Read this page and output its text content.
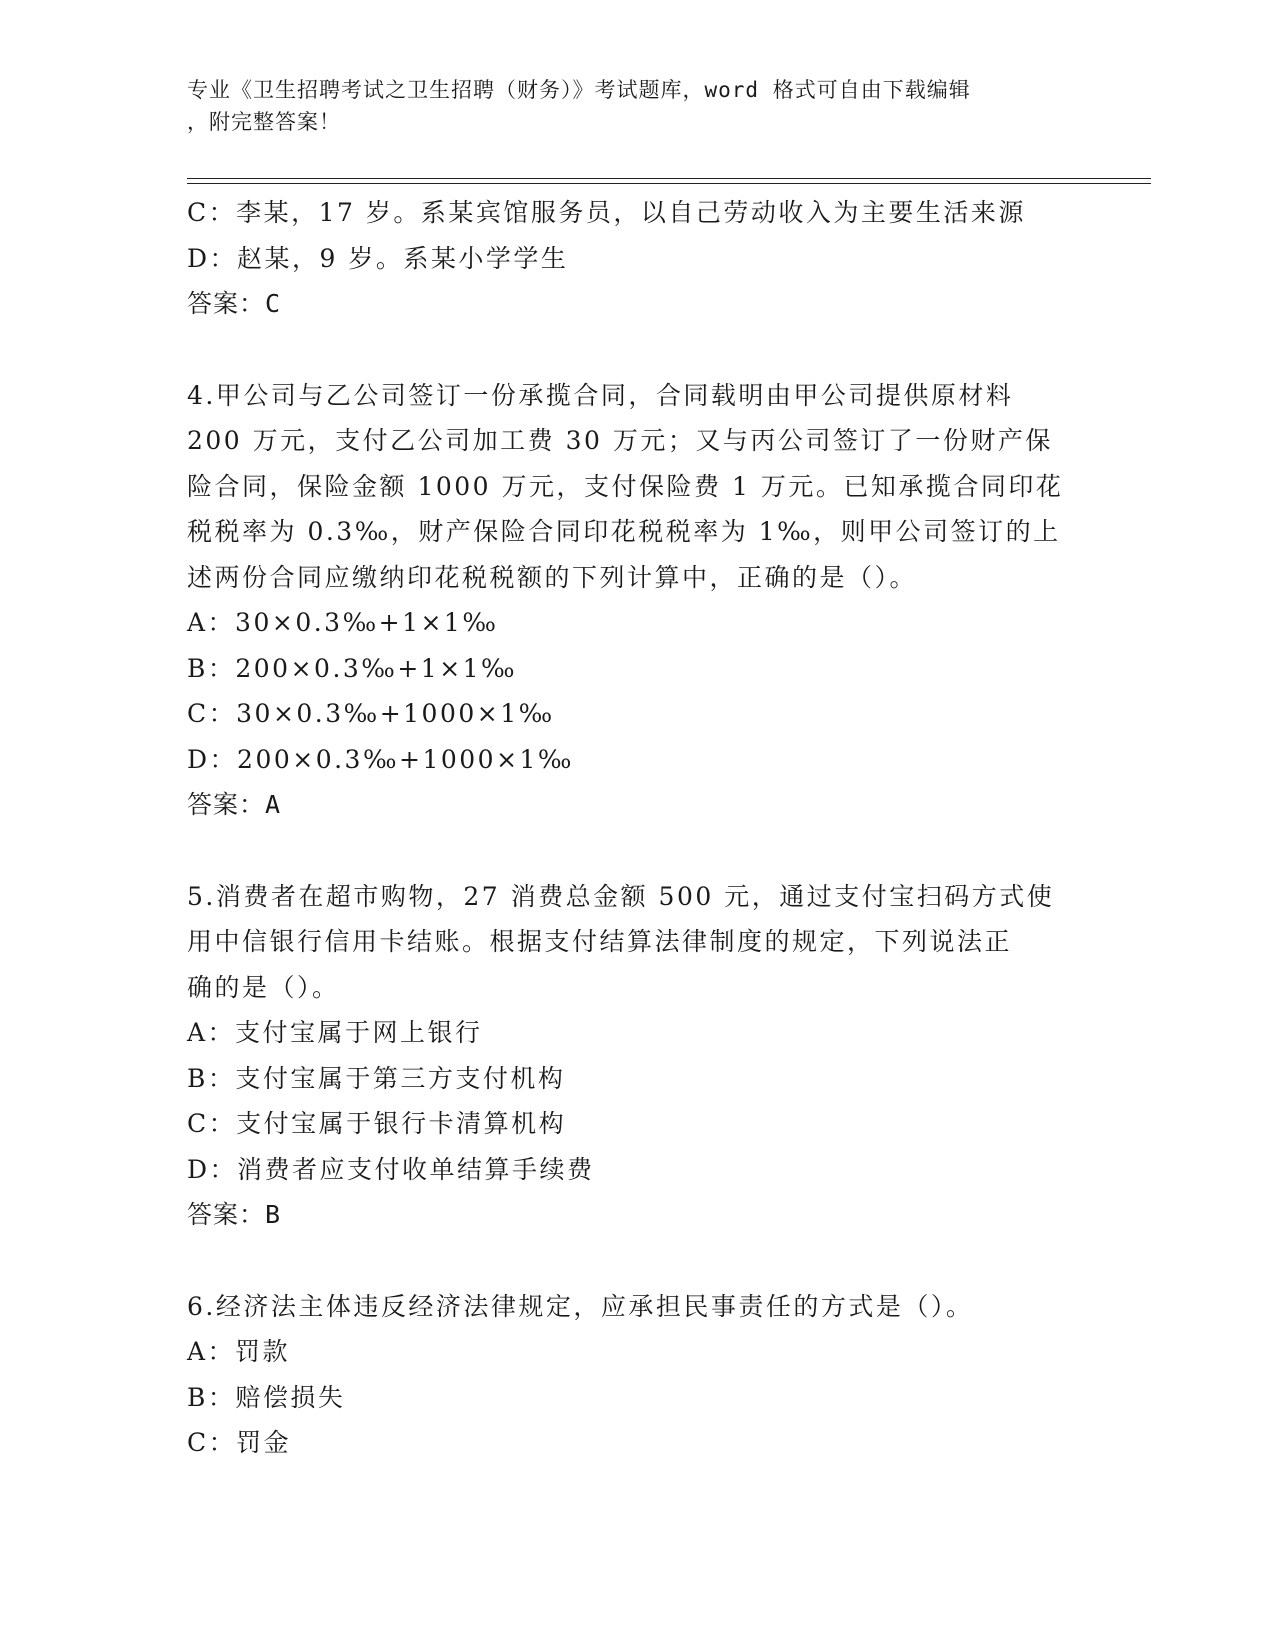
专业《卫生招聘考试之卫生招聘（财务）》考试题库，word 格式可自由下载编辑
，附完整答案！
C：李某，17 岁。系某宾馆服务员，以自己劳动收入为主要生活来源
D：赵某，9 岁。系某小学学生
答案：C
4.甲公司与乙公司签订一份承揽合同，合同载明由甲公司提供原材料
200 万元，支付乙公司加工费 30 万元；又与丙公司签订了一份财产保
险合同，保险金额 1000 万元，支付保险费 1 万元。已知承揽合同印花
税税率为 0.3‰，财产保险合同印花税税率为 1‰，则甲公司签订的上
述两份合同应缴纳印花税税额的下列计算中，正确的是（）。
A：30×0.3‰+1×1‰
B：200×0.3‰+1×1‰
C：30×0.3‰+1000×1‰
D：200×0.3‰+1000×1‰
答案：A
5.消费者在超市购物，27 消费总金额 500 元，通过支付宝扫码方式使
用中信银行信用卡结账。根据支付结算法律制度的规定，下列说法正
确的是（）。
A：支付宝属于网上银行
B：支付宝属于第三方支付机构
C：支付宝属于银行卡清算机构
D：消费者应支付收单结算手续费
答案：B
6.经济法主体违反经济法律规定，应承担民事责任的方式是（）。
A：罚款
B：赔偿损失
C：罚金
